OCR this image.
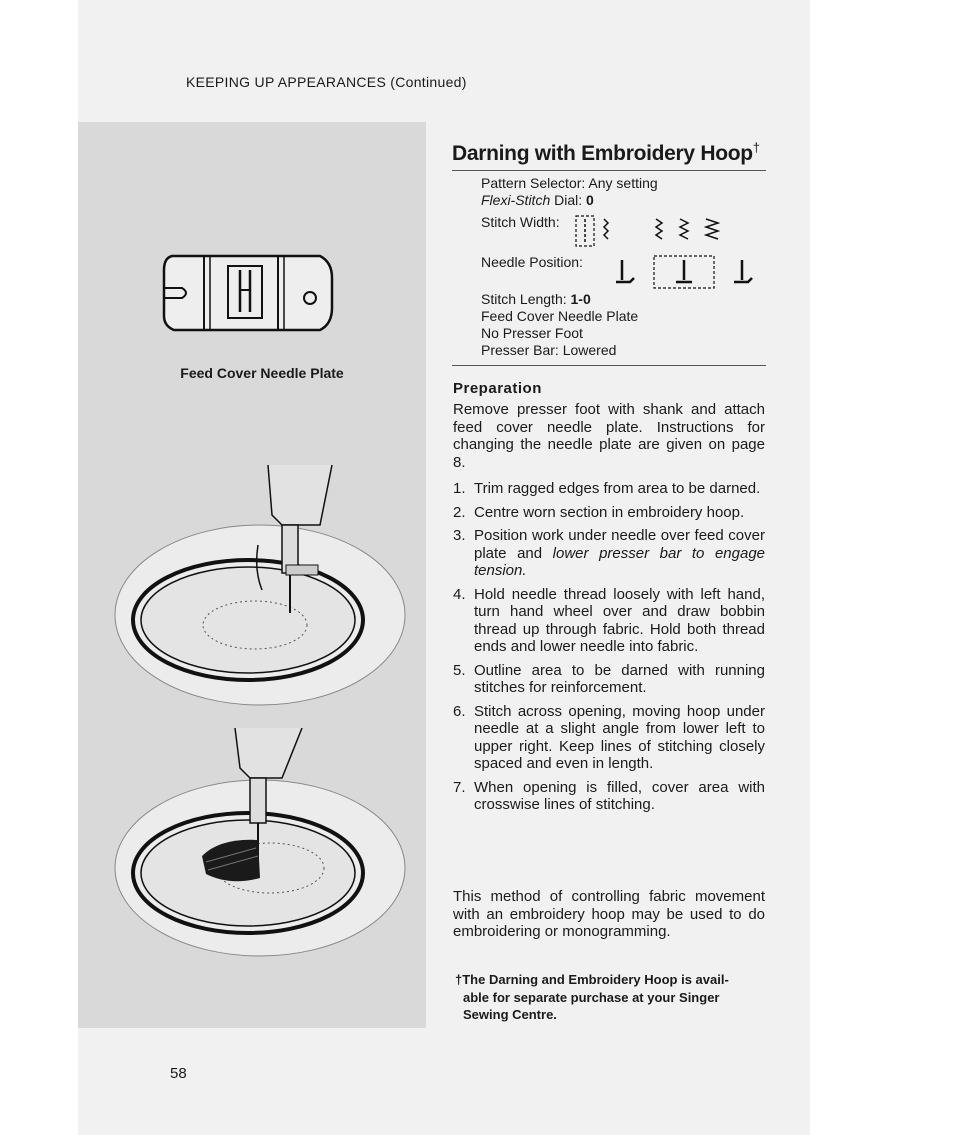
KEEPING UP APPEARANCES (Continued)
Feed Cover Needle Plate
Darning with Embroidery Hoop†
Pattern Selector: Any setting
Flexi-Stitch Dial: 0
Stitch Width:
Needle Position:
Stitch Length: 1-0
Feed Cover Needle Plate
No Presser Foot
Presser Bar: Lowered
Preparation
Remove presser foot with shank and attach feed cover needle plate. Instructions for changing the needle plate are given on page 8.
1. Trim ragged edges from area to be darned.
2. Centre worn section in embroidery hoop.
3. Position work under needle over feed cover plate and lower presser bar to engage tension.
4. Hold needle thread loosely with left hand, turn hand wheel over and draw bobbin thread up through fabric. Hold both thread ends and lower needle into fabric.
5. Outline area to be darned with running stitches for reinforcement.
6. Stitch across opening, moving hoop under needle at a slight angle from lower left to upper right. Keep lines of stitching closely spaced and even in length.
7. When opening is filled, cover area with crosswise lines of stitching.
This method of controlling fabric movement with an embroidery hoop may be used to do embroidering or monogramming.
†The Darning and Embroidery Hoop is avail-
able for separate purchase at your Singer
Sewing Centre.
58
